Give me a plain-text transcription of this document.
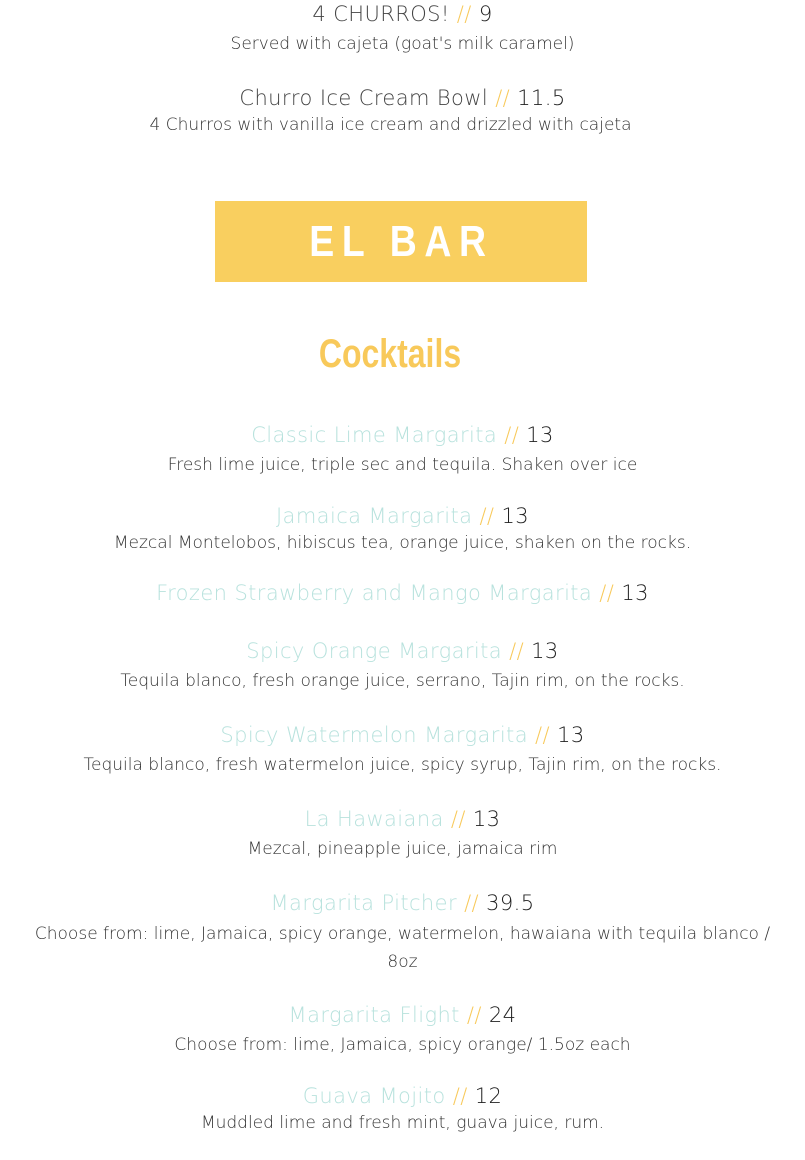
4 CHURROS! // 9
Served with cajeta (goat's milk caramel)
Churro Ice Cream Bowl // 11.5
4 Churros with vanilla ice cream and drizzled with cajeta
EL BAR
Cocktails
Classic Lime Margarita // 13
Fresh lime juice, triple sec and tequila. Shaken over ice
Jamaica Margarita // 13
Mezcal Montelobos, hibiscus tea, orange juice, shaken on the rocks.
Frozen Strawberry and Mango Margarita // 13
Spicy Orange Margarita // 13
Tequila blanco, fresh orange juice, serrano, Tajin rim, on the rocks.
Spicy Watermelon Margarita // 13
Tequila blanco, fresh watermelon juice, spicy syrup, Tajin rim, on the rocks.
La Hawaiana // 13
Mezcal, pineapple juice, jamaica rim
Margarita Pitcher // 39.5
Choose from: lime, Jamaica, spicy orange, watermelon, hawaiana with tequila blanco / 8oz
Margarita Flight // 24
Choose from: lime, Jamaica, spicy orange/ 1.5oz each
Guava Mojito // 12
Muddled lime and fresh mint, guava juice, rum.
